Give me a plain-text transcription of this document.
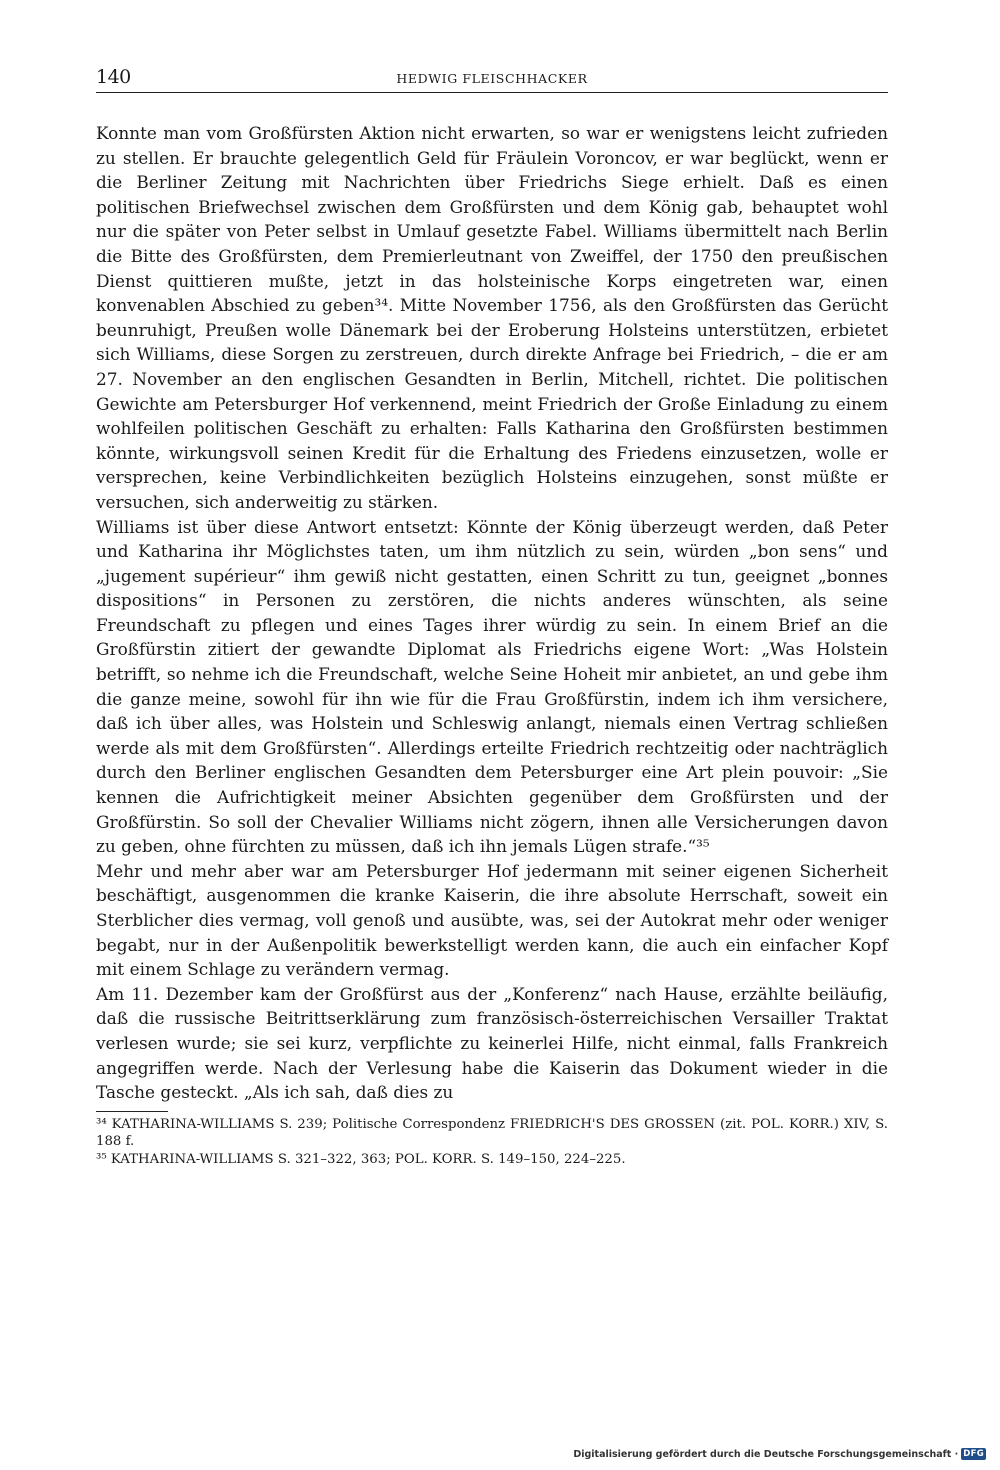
140	HEDWIG FLEISCHHACKER

Konnte man vom Großfürsten Aktion nicht erwarten, so war er wenigstens leicht zufrieden zu stellen. Er brauchte gelegentlich Geld für Fräulein Voroncov, er war beglückt, wenn er die Berliner Zeitung mit Nachrichten über Friedrichs Siege erhielt. Daß es einen politischen Briefwechsel zwischen dem Großfürsten und dem König gab, behauptet wohl nur die später von Peter selbst in Umlauf gesetzte Fabel. Williams übermittelt nach Berlin die Bitte des Großfürsten, dem Premierleutnant von Zweiffel, der 1750 den preußischen Dienst quittieren mußte, jetzt in das holsteinische Korps eingetreten war, einen konvenablen Abschied zu geben³⁴. Mitte November 1756, als den Großfürsten das Gerücht beunruhigt, Preußen wolle Dänemark bei der Eroberung Holsteins unterstützen, erbietet sich Williams, diese Sorgen zu zerstreuen, durch direkte Anfrage bei Friedrich, – die er am 27. November an den englischen Gesandten in Berlin, Mitchell, richtet. Die politischen Gewichte am Petersburger Hof verkennend, meint Friedrich der Große Einladung zu einem wohlfeilen politischen Geschäft zu erhalten: Falls Katharina den Großfürsten bestimmen könnte, wirkungsvoll seinen Kredit für die Erhaltung des Friedens einzusetzen, wolle er versprechen, keine Verbindlichkeiten bezüglich Holsteins einzugehen, sonst müßte er versuchen, sich anderweitig zu stärken.

Williams ist über diese Antwort entsetzt: Könnte der König überzeugt werden, daß Peter und Katharina ihr Möglichstes taten, um ihm nützlich zu sein, würden „bon sens“ und „jugement supérieur“ ihm gewiß nicht gestatten, einen Schritt zu tun, geeignet „bonnes dispositions“ in Personen zu zerstören, die nichts anderes wünschten, als seine Freundschaft zu pflegen und eines Tages ihrer würdig zu sein. In einem Brief an die Großfürstin zitiert der gewandte Diplomat als Friedrichs eigene Wort: „Was Holstein betrifft, so nehme ich die Freundschaft, welche Seine Hoheit mir anbietet, an und gebe ihm die ganze meine, sowohl für ihn wie für die Frau Großfürstin, indem ich ihm versichere, daß ich über alles, was Holstein und Schleswig anlangt, niemals einen Vertrag schließen werde als mit dem Großfürsten“. Allerdings erteilte Friedrich rechtzeitig oder nachträglich durch den Berliner englischen Gesandten dem Petersburger eine Art plein pouvoir: „Sie kennen die Aufrichtigkeit meiner Absichten gegenüber dem Großfürsten und der Großfürstin. So soll der Chevalier Williams nicht zögern, ihnen alle Versicherungen davon zu geben, ohne fürchten zu müssen, daß ich ihn jemals Lügen strafe.“³⁵

Mehr und mehr aber war am Petersburger Hof jedermann mit seiner eigenen Sicherheit beschäftigt, ausgenommen die kranke Kaiserin, die ihre absolute Herrschaft, soweit ein Sterblicher dies vermag, voll genoß und ausübte, was, sei der Autokrat mehr oder weniger begabt, nur in der Außenpolitik bewerkstelligt werden kann, die auch ein einfacher Kopf mit einem Schlage zu verändern vermag.

Am 11. Dezember kam der Großfürst aus der „Konferenz“ nach Hause, erzählte beiläufig, daß die russische Beitrittserklärung zum französisch-österreichischen Versailler Traktat verlesen wurde; sie sei kurz, verpflichte zu keinerlei Hilfe, nicht einmal, falls Frankreich angegriffen werde. Nach der Verlesung habe die Kaiserin das Dokument wieder in die Tasche gesteckt. „Als ich sah, daß dies zu

³⁴ KATHARINA-WILLIAMS S. 239; Politische Correspondenz FRIEDRICH'S DES GROSSEN (zit. POL. KORR.) XIV, S. 188 f.

³⁵ KATHARINA-WILLIAMS S. 321–322, 363; POL. KORR. S. 149–150, 224–225.

Digitalisierung gefördert durch die Deutsche Forschungsgemeinschaft · DFG
